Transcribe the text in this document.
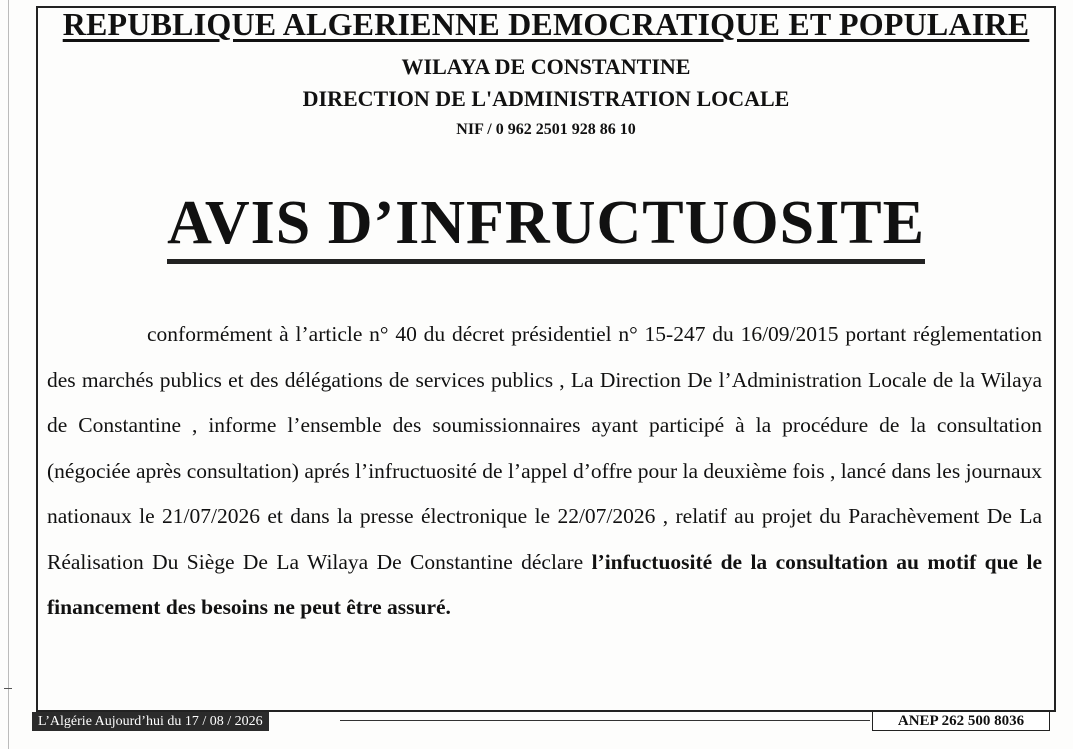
REPUBLIQUE ALGERIENNE DEMOCRATIQUE ET POPULAIRE
WILAYA DE CONSTANTINE
DIRECTION DE L'ADMINISTRATION LOCALE
NIF / 0 962 2501 928 86 10
AVIS D’INFRUCTUOSITE
conformément à l’article n° 40 du décret présidentiel n° 15-247 du 16/09/2015 portant réglementation des marchés publics et des délégations de services publics , La Direction De l’Administration Locale de la Wilaya de Constantine , informe l’ensemble des soumissionnaires ayant participé à la procédure de la consultation (négociée après consultation) aprés l’infructuosité de l’appel d’offre pour la deuxième fois , lancé dans les journaux nationaux le 21/07/2026 et dans la presse électronique le 22/07/2026 , relatif au projet du Parachèvement De La Réalisation Du Siège De La Wilaya De Constantine déclare l’infuctuosité de la consultation au motif que le financement des besoins ne peut être assuré.
L’Algérie Aujourd’hui du 17 / 08 / 2026	ANEP 262 500 8036
